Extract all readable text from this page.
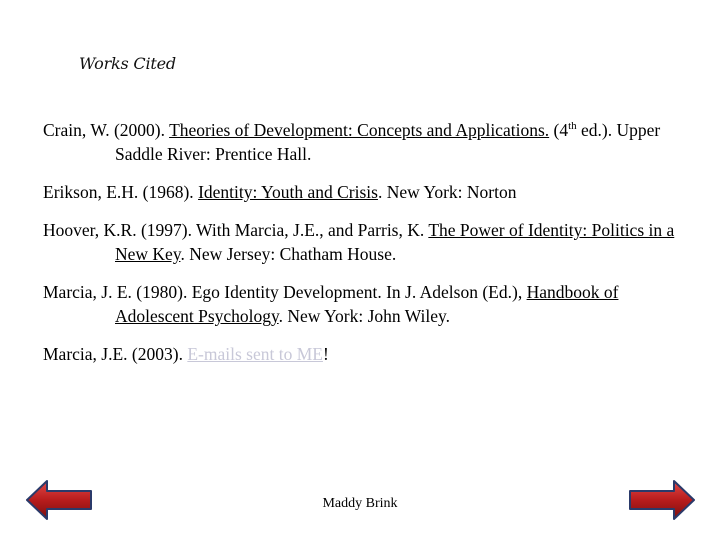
Works Cited
Crain, W. (2000). Theories of Development: Concepts and Applications. (4th ed.). Upper Saddle River: Prentice Hall.
Erikson, E.H. (1968). Identity: Youth and Crisis. New York: Norton
Hoover, K.R. (1997). With Marcia, J.E., and Parris, K. The Power of Identity: Politics in a New Key. New Jersey: Chatham House.
Marcia, J. E. (1980). Ego Identity Development. In J. Adelson (Ed.), Handbook of Adolescent Psychology. New York: John Wiley.
Marcia, J.E. (2003). E-mails sent to ME!
Maddy Brink
